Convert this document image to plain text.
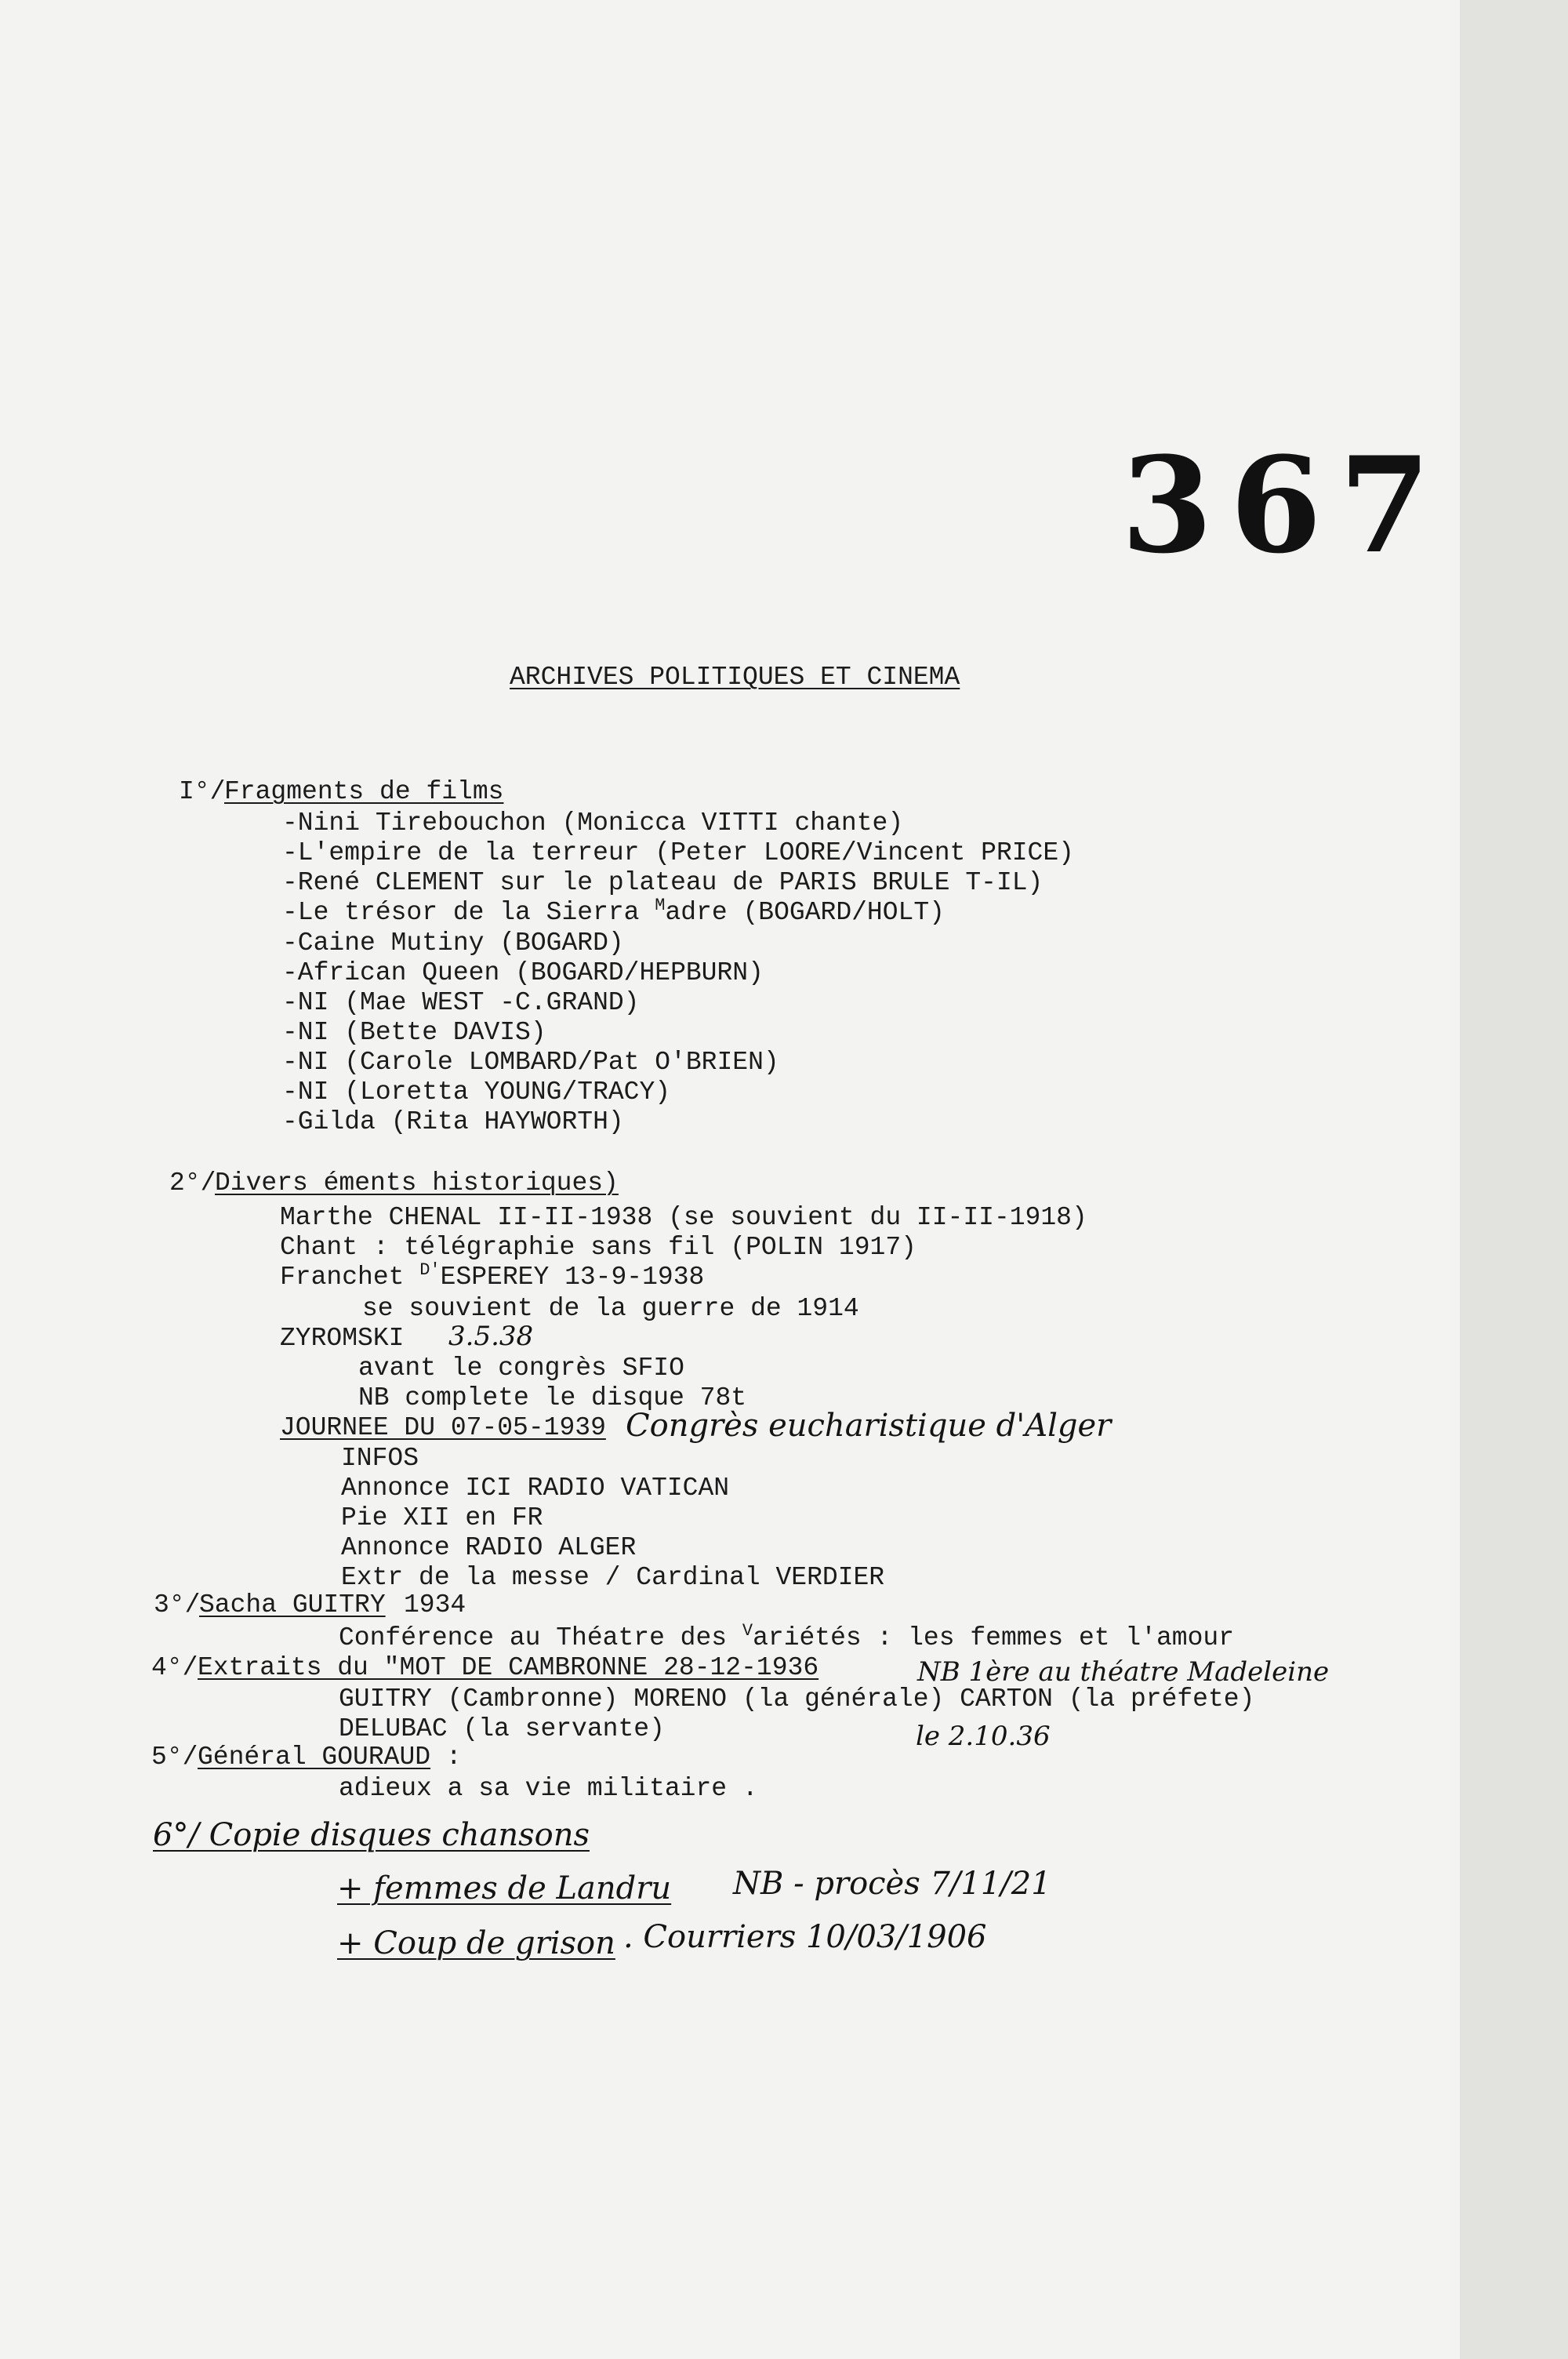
367
ARCHIVES POLITIQUES ET CINEMA
I°/
Fragments de films
-Nini Tirebouchon (Monicca VITTI chante)
-L'empire de la terreur (Peter LOORE/Vincent PRICE)
-René CLEMENT sur le plateau de PARIS BRULE T-IL)
-Le trésor de la Sierra $^M$adre (BOGARD/HOLT)
-Caine Mutiny (BOGARD)
-African Queen (BOGARD/HEPBURN)
-NI (Mae WEST -C.GRAND)
-NI (Bette DAVIS)
-NI (Carole LOMBARD/Pat O'BRIEN)
-NI (Loretta YOUNG/TRACY)
-Gilda (Rita HAYWORTH)
2°/
Divers éments historiques)
Marthe CHENAL II-II-1938 (se souvient du II-II-1918)
Chant : télégraphie sans fil (POLIN 1917)
Franchet $^{D'}$ESPEREY 13-9-1938
se souvient de la guerre de 1914
ZYROMSKI 3.5.38
avant le congrès SFIO
NB complete le disque 78t
JOURNEE DU 07-05-1939 Congrès eucharistique d'Alger
INFOS
Annonce ICI RADIO VATICAN
Pie XII en FR
Annonce RADIO ALGER
Extr de la messe / Cardinal VERDIER
3°/
Sacha GUITRY 1934
Conférence au Théatre des $^V$ariétés : les femmes et l'amour
4°/ Extraits du "MOT DE CAMBRONNE 28-12-1936	NB 1ère au théatre Madeleine
GUITRY (Cambronne) MORENO (la générale) CARTON (la préfete)
DELUBAC (la servante)	le 2.10.36
5°/ Général GOURAUD :
adieux a sa vie militaire .
6°/ Copie disques chansons
+ femmes de Landru NB - procès 7/11/21
+ Coup de grison . Courriers 10/03/1906
